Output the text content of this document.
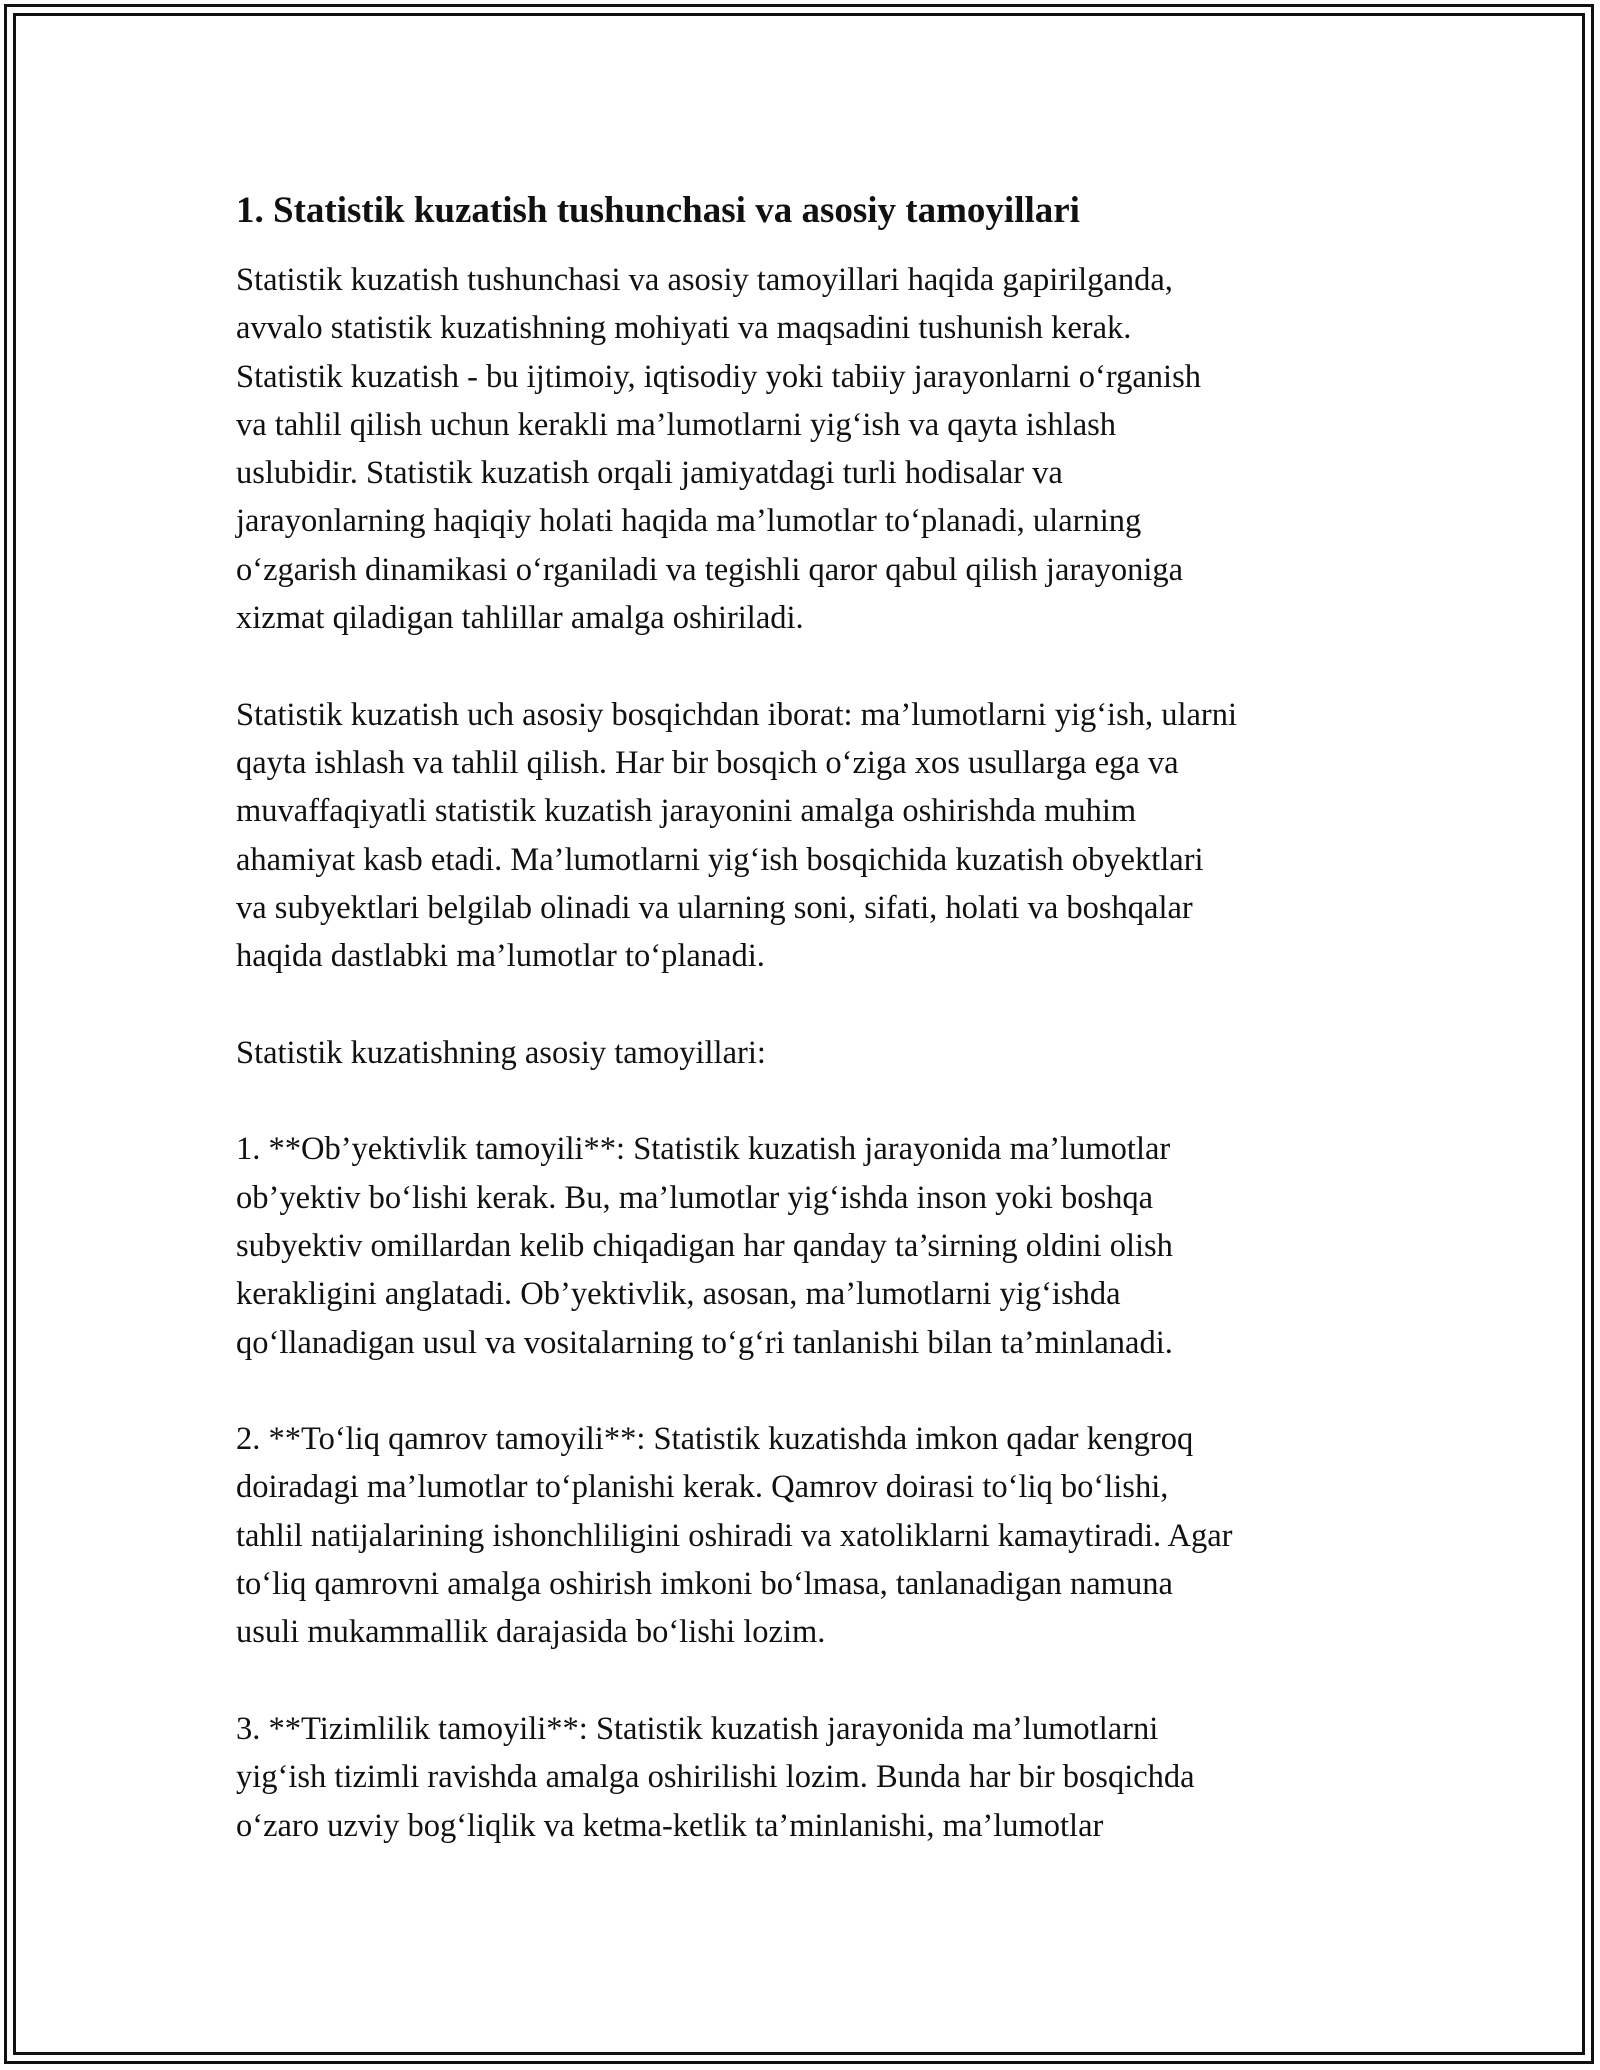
1. Statistik kuzatish tushunchasi va asosiy tamoyillari

Statistik kuzatish tushunchasi va asosiy tamoyillari haqida gapirilganda,
avvalo statistik kuzatishning mohiyati va maqsadini tushunish kerak.
Statistik kuzatish - bu ijtimoiy, iqtisodiy yoki tabiiy jarayonlarni o‘rganish
va tahlil qilish uchun kerakli ma’lumotlarni yig‘ish va qayta ishlash
uslubidir. Statistik kuzatish orqali jamiyatdagi turli hodisalar va
jarayonlarning haqiqiy holati haqida ma’lumotlar to‘planadi, ularning
o‘zgarish dinamikasi o‘rganiladi va tegishli qaror qabul qilish jarayoniga
xizmat qiladigan tahlillar amalga oshiriladi.

Statistik kuzatish uch asosiy bosqichdan iborat: ma’lumotlarni yig‘ish, ularni
qayta ishlash va tahlil qilish. Har bir bosqich o‘ziga xos usullarga ega va
muvaffaqiyatli statistik kuzatish jarayonini amalga oshirishda muhim
ahamiyat kasb etadi. Ma’lumotlarni yig‘ish bosqichida kuzatish obyektlari
va subyektlari belgilab olinadi va ularning soni, sifati, holati va boshqalar
haqida dastlabki ma’lumotlar to‘planadi.

Statistik kuzatishning asosiy tamoyillari:

1. **Ob’yektivlik tamoyili**: Statistik kuzatish jarayonida ma’lumotlar
ob’yektiv bo‘lishi kerak. Bu, ma’lumotlar yig‘ishda inson yoki boshqa
subyektiv omillardan kelib chiqadigan har qanday ta’sirning oldini olish
kerakligini anglatadi. Ob’yektivlik, asosan, ma’lumotlarni yig‘ishda
qo‘llanadigan usul va vositalarning to‘g‘ri tanlanishi bilan ta’minlanadi.

2. **To‘liq qamrov tamoyili**: Statistik kuzatishda imkon qadar kengroq
doiradagi ma’lumotlar to‘planishi kerak. Qamrov doirasi to‘liq bo‘lishi,
tahlil natijalarining ishonchliligini oshiradi va xatoliklarni kamaytiradi. Agar
to‘liq qamrovni amalga oshirish imkoni bo‘lmasa, tanlanadigan namuna
usuli mukammallik darajasida bo‘lishi lozim.

3. **Tizimlilik tamoyili**: Statistik kuzatish jarayonida ma’lumotlarni
yig‘ish tizimli ravishda amalga oshirilishi lozim. Bunda har bir bosqichda
o‘zaro uzviy bog‘liqlik va ketma-ketlik ta’minlanishi, ma’lumotlar
